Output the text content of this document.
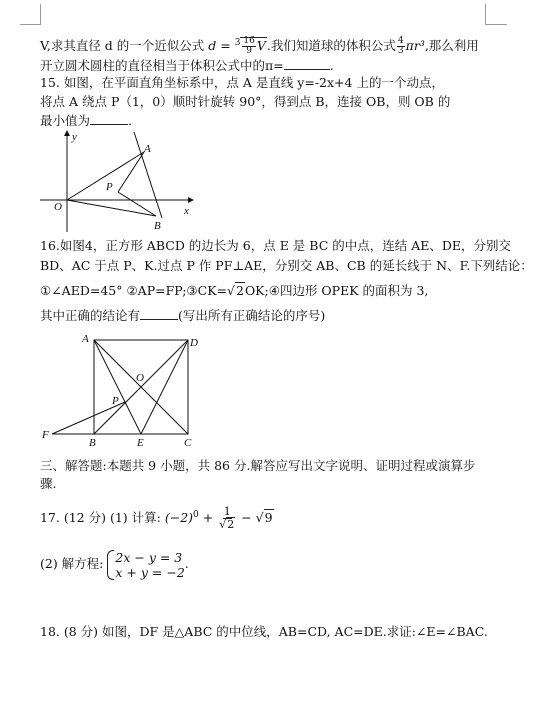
V,求其直径 d 的一个近似公式 $d = ^3 \frac{16}{9} V$.我们知道球的体积公式 $\frac{4}{3} \pi r^3$,那么利用
开立圆术圆柱的直径相当于体积公式中的π=	.
15. 如图，在平面直角坐标系中，点 A 是直线 y=-2x+4 上的一个动点，
将点 A 绕点 P（1，0）顺时针旋转 90°，得到点 B，连接 OB，则 OB 的
最小值为	.
y
x
O
P
A
B
16.如图4，正方形 ABCD 的边长为 6，点 E 是 BC 的中点，连结 AE、DE，分别交
BD、AC 于点 P、K.过点 P 作 PF⊥AE，分别交 AB、CB 的延长线于 N、F.下列结论：
①∠AED=45° ②AP=FP;③CK=√2OK;④四边形 OPEK 的面积为 3,
其中正确的结论有	(写出所有正确结论的序号)
A	D
O
P
F
B	E	C
三、解答题:本题共 9 小题，共 86 分.解答应写出文字说明、证明过程或演算步
骤.
17. (12 分) (1) 计算: $(-2)^0 + \frac{1}{√2} - √9$
(2) 解方程: 2x − y = 3
x + y = −2
.
18. (8 分) 如图，DF 是△ABC 的中位线，AB=CD, AC=DE.求证:∠E=∠BAC.
